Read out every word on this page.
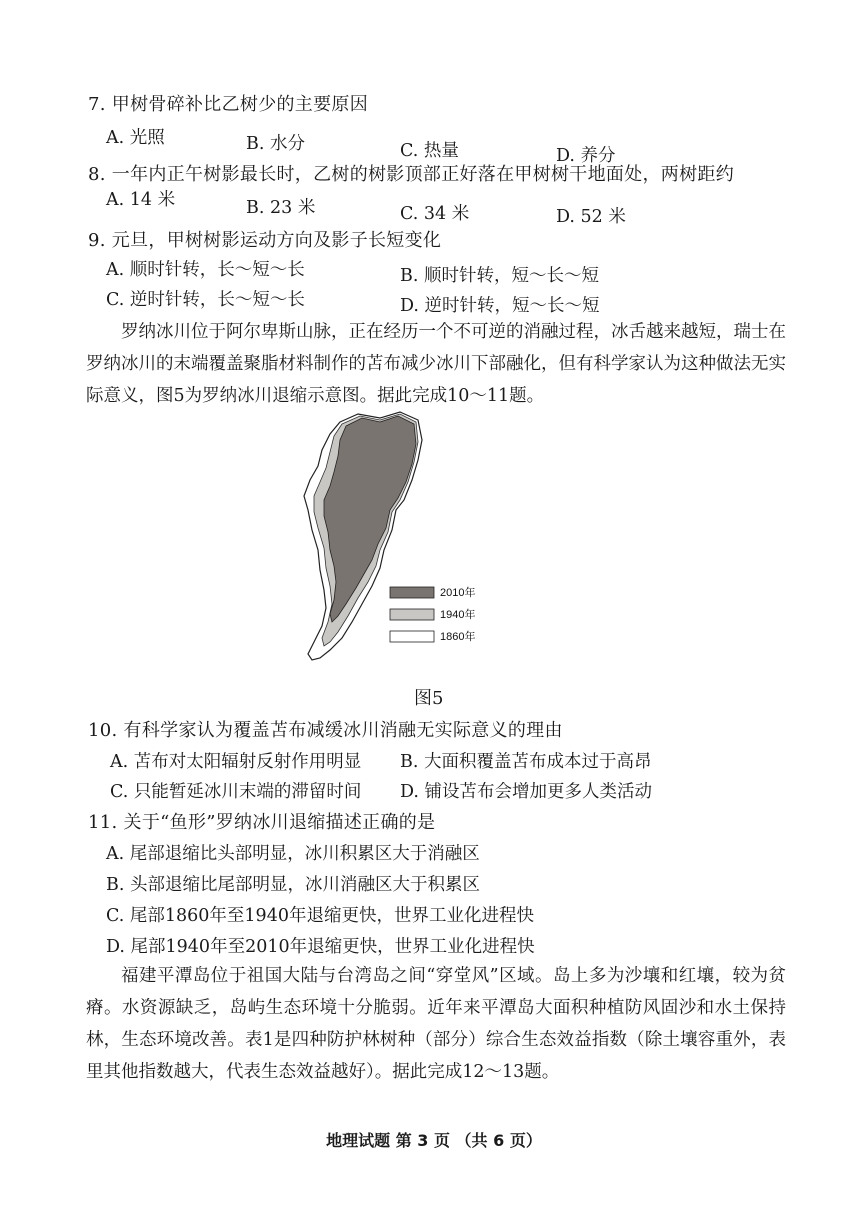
7. 甲树骨碎补比乙树少的主要原因
A. 光照	B. 水分	C. 热量	D. 养分
8. 一年内正午树影最长时，乙树的树影顶部正好落在甲树树干地面处，两树距约
A. 14 米	B. 23 米	C. 34 米	D. 52 米
9. 元旦，甲树树影运动方向及影子长短变化
A. 顺时针转，长～短～长	B. 顺时针转，短～长～短
C. 逆时针转，长～短～长	D. 逆时针转，短～长～短

罗纳冰川位于阿尔卑斯山脉，正在经历一个不可逆的消融过程，冰舌越来越短，瑞士在罗纳冰川的末端覆盖聚脂材料制作的苫布减少冰川下部融化，但有科学家认为这种做法无实际意义，图5为罗纳冰川退缩示意图。据此完成10～11题。

2010年
1940年
1860年
图5
10. 有科学家认为覆盖苫布减缓冰川消融无实际意义的理由
A. 苫布对太阳辐射反射作用明显 B. 大面积覆盖苫布成本过于高昂
C. 只能暂延冰川末端的滞留时间 D. 铺设苫布会增加更多人类活动
11. 关于“鱼形”罗纳冰川退缩描述正确的是
A. 尾部退缩比头部明显，冰川积累区大于消融区
B. 头部退缩比尾部明显，冰川消融区大于积累区
C. 尾部1860年至1940年退缩更快，世界工业化进程快
D. 尾部1940年至2010年退缩更快，世界工业化进程快

福建平潭岛位于祖国大陆与台湾岛之间“穿堂风”区域。岛上多为沙壤和红壤，较为贫瘠。水资源缺乏，岛屿生态环境十分脆弱。近年来平潭岛大面积种植防风固沙和水土保持林，生态环境改善。表1是四种防护林树种（部分）综合生态效益指数（除土壤容重外，表里其他指数越大，代表生态效益越好）。据此完成12～13题。

地理试题 第 3 页 （共 6 页）
